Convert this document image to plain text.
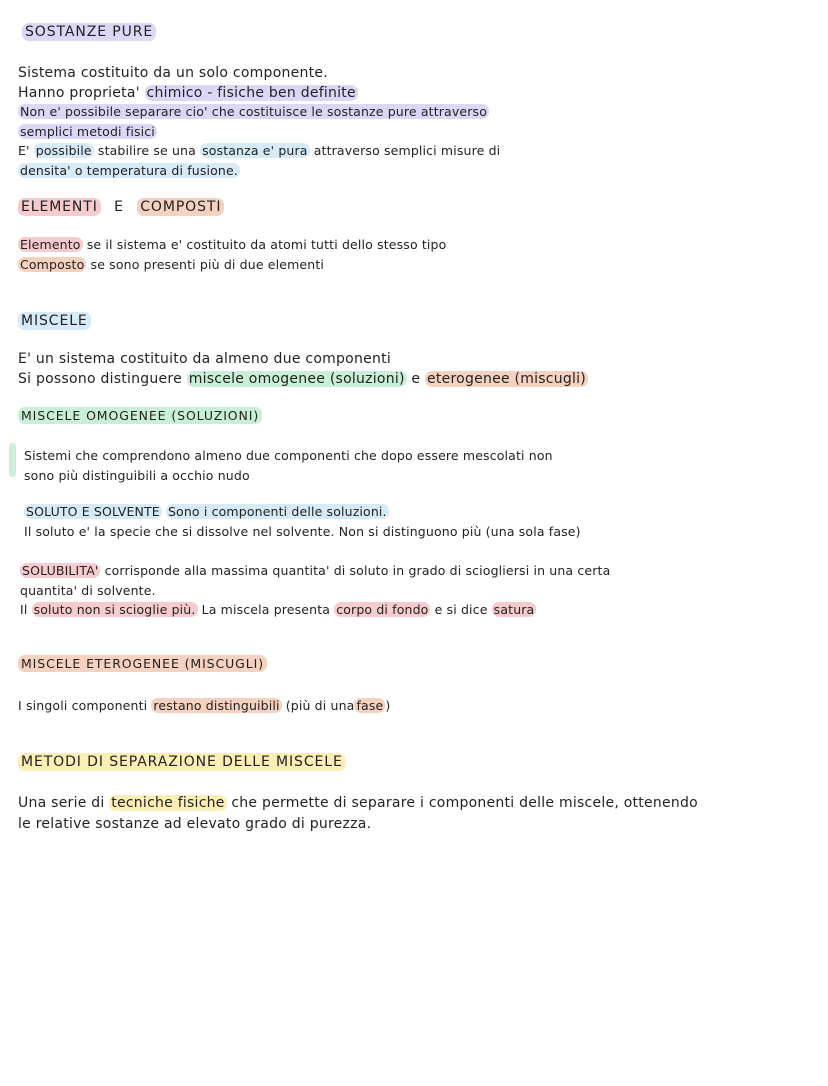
SOSTANZE PURE
Sistema costituito da un solo componente.
Hanno proprieta' chimico - fisiche ben definite
Non e' possibile separare cio' che costituisce le sostanze pure attraverso
semplici metodi fisici
E' possibile stabilire se una sostanza e' pura attraverso semplici misure di
densita' o temperatura di fusione.
ELEMENTI E COMPOSTI
Elemento se il sistema e' costituito da atomi tutti dello stesso tipo
Composto se sono presenti più di due elementi
MISCELE
E' un sistema costituito da almeno due componenti
Si possono distinguere miscele omogenee (soluzioni) e eterogenee (miscugli)
MISCELE OMOGENEE (SOLUZIONI)
Sistemi che comprendono almeno due componenti che dopo essere mescolati non
sono più distinguibili a occhio nudo
SOLUTO E SOLVENTE Sono i componenti delle soluzioni.
Il soluto e' la specie che si dissolve nel solvente. Non si distinguono più (una sola fase)
SOLUBILITA' corrisponde alla massima quantita' di soluto in grado di sciogliersi in una certa
quantita' di solvente.
Il soluto non si scioglie più. La miscela presenta corpo di fondo e si dice satura
MISCELE ETEROGENEE (MISCUGLI)
I singoli componenti restano distinguibili (più di una fase )
METODI DI SEPARAZIONE DELLE MISCELE
Una serie di tecniche fisiche che permette di separare i componenti delle miscele, ottenendo
le relative sostanze ad elevato grado di purezza.
